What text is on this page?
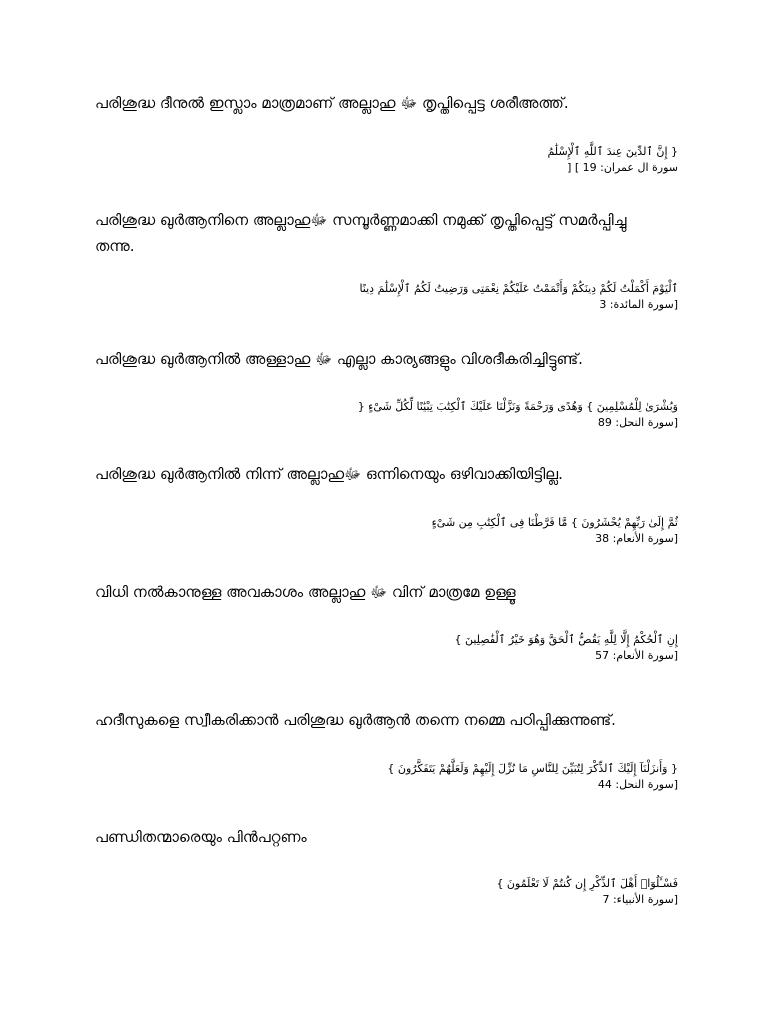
പരിശുദ്ധ ദീനുൽ ഇസ്ലാം മാത്രമാണ് അല്ലാഹു ﷻ തൃപ്തിപ്പെട്ട ശരീഅത്ത്.
{ إِنَّ ٱلدِّينَ عِندَ ٱللَّهِ ٱلْإِسْلَٰمُ
سورة ال عمران: 19 ] [
പരിശുദ്ധ ഖുർആനിനെ അല്ലാഹുﷻ സമ്പൂർണ്ണമാക്കി നമുക്ക് തൃപ്തിപ്പെട്ട് സമർപ്പിച്ചു തന്നു.
ٱلْيَوْمَ أَكْمَلْتُ لَكُمْ دِينَكُمْ وَأَتْمَمْتُ عَلَيْكُمْ نِعْمَتِى وَرَضِيتُ لَكُمُ ٱلْإِسْلَٰمَ دِينًا
[سورة المائدة: 3
പരിശുദ്ധ ഖുർആനിൽ അള്ളാഹു ﷻ എല്ലാ കാര്യങ്ങളും വിശദീകരിച്ചിട്ടുണ്ട്.
وَبُشْرَىٰ لِلْمُسْلِمِينَ } وَهُدًى وَرَحْمَةً وَنَزَّلْنَا عَلَيْكَ ٱلْكِتَٰبَ تِبْيَٰنًا لِّكُلِّ شَىْءٍ {
[سورة النحل: 89
പരിശുദ്ധ ഖുർആനിൽ നിന്ന് അല്ലാഹുﷻ ഒന്നിനെയും ഒഴിവാക്കിയിട്ടില്ല.
ثُمَّ إِلَىٰ رَبِّهِمْ يُحْشَرُونَ } مَّا فَرَّطْنَا فِى ٱلْكِتَٰبِ مِن شَىْءٍ
[سورة الأنعام: 38
വിധി നൽകാനുള്ള അവകാശം അല്ലാഹു ﷻ വിന് മാത്രമേ ഉള്ളൂ
إِنِ ٱلْحُكْمُ إِلَّا لِلَّهِ يَقُصُّ ٱلْحَقَّ وَهُوَ خَيْرُ ٱلْفَٰصِلِينَ }
[سورة الأنعام: 57
ഹദീസുകളെ സ്വീകരിക്കാൻ പരിശുദ്ധ ഖുർആൻ തന്നെ നമ്മെ പഠിപ്പിക്കുന്നുണ്ട്.
{ وَأَنزَلْنَآ إِلَيْكَ ٱلذِّكْرَ لِتُبَيِّنَ لِلنَّاسِ مَا نُزِّلَ إِلَيْهِمْ وَلَعَلَّهُمْ يَتَفَكَّرُونَ }
[سورة النحل: 44
പണ്ഡിതന്മാരെയും പിൻപറ്റണം
فَسْـَٔلُوٓا۟ أَهْلَ ٱلذِّكْرِ إِن كُنتُمْ لَا تَعْلَمُونَ }
[سورة الأنبياء: 7
